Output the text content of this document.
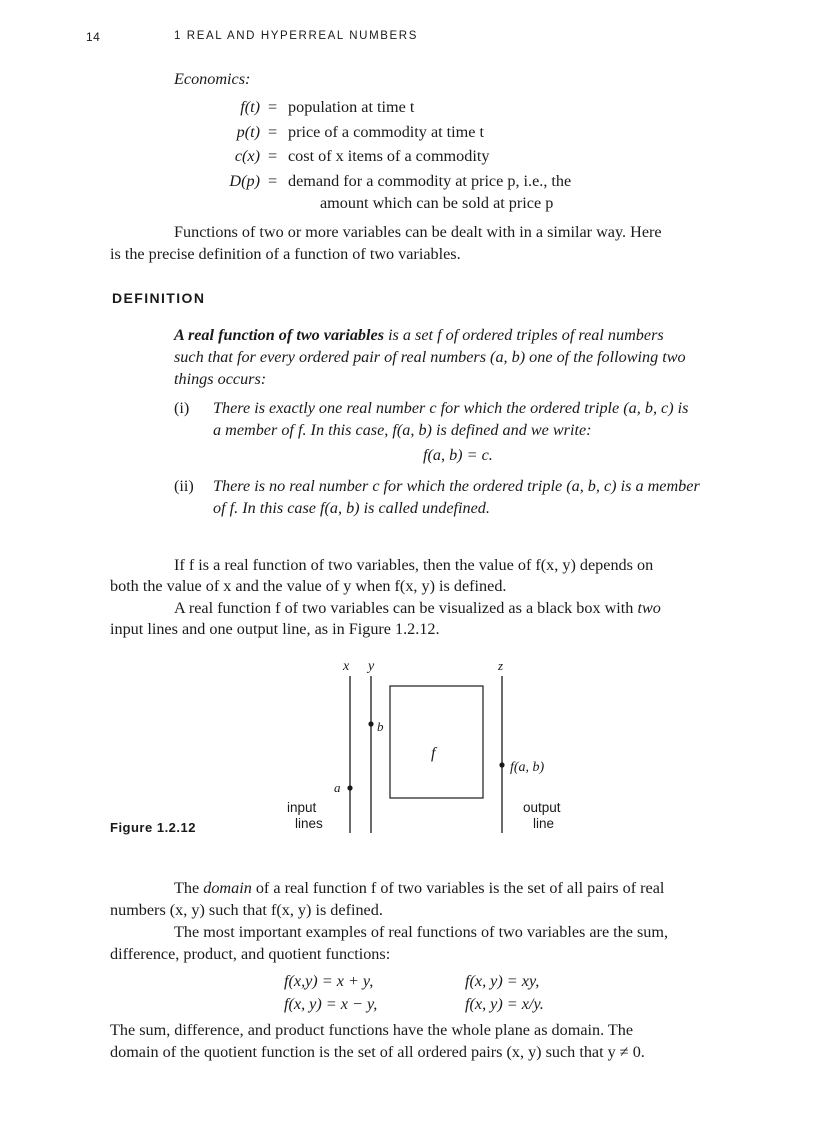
14	1 REAL AND HYPERREAL NUMBERS
Economics:
f(t) = population at time t
p(t) = price of a commodity at time t
c(x) = cost of x items of a commodity
D(p) = demand for a commodity at price p, i.e., the
amount which can be sold at price p
Functions of two or more variables can be dealt with in a similar way. Here
is the precise definition of a function of two variables.
DEFINITION
A real function of two variables is a set f of ordered triples of real numbers
such that for every ordered pair of real numbers (a, b) one of the following two
things occurs:
(i) There is exactly one real number c for which the ordered triple (a, b, c) is
a member of f. In this case, f(a, b) is defined and we write:
f(a, b) = c.
(ii) There is no real number c for which the ordered triple (a, b, c) is a member
of f. In this case f(a, b) is called undefined.
If f is a real function of two variables, then the value of f(x, y) depends on
both the value of x and the value of y when f(x, y) is defined.
A real function f of two variables can be visualized as a black box with two
input lines and one output line, as in Figure 1.2.12.
Figure 1.2.12
x y	z
b
a
f
f(a, b)
input
lines
output
line
The domain of a real function f of two variables is the set of all pairs of real
numbers (x, y) such that f(x, y) is defined.
The most important examples of real functions of two variables are the sum,
difference, product, and quotient functions:
f(x,y) = x + y,	f(x, y) = xy,
f(x, y) = x − y,	f(x, y) = x/y.
The sum, difference, and product functions have the whole plane as domain. The
domain of the quotient function is the set of all ordered pairs (x, y) such that y ≠ 0.
